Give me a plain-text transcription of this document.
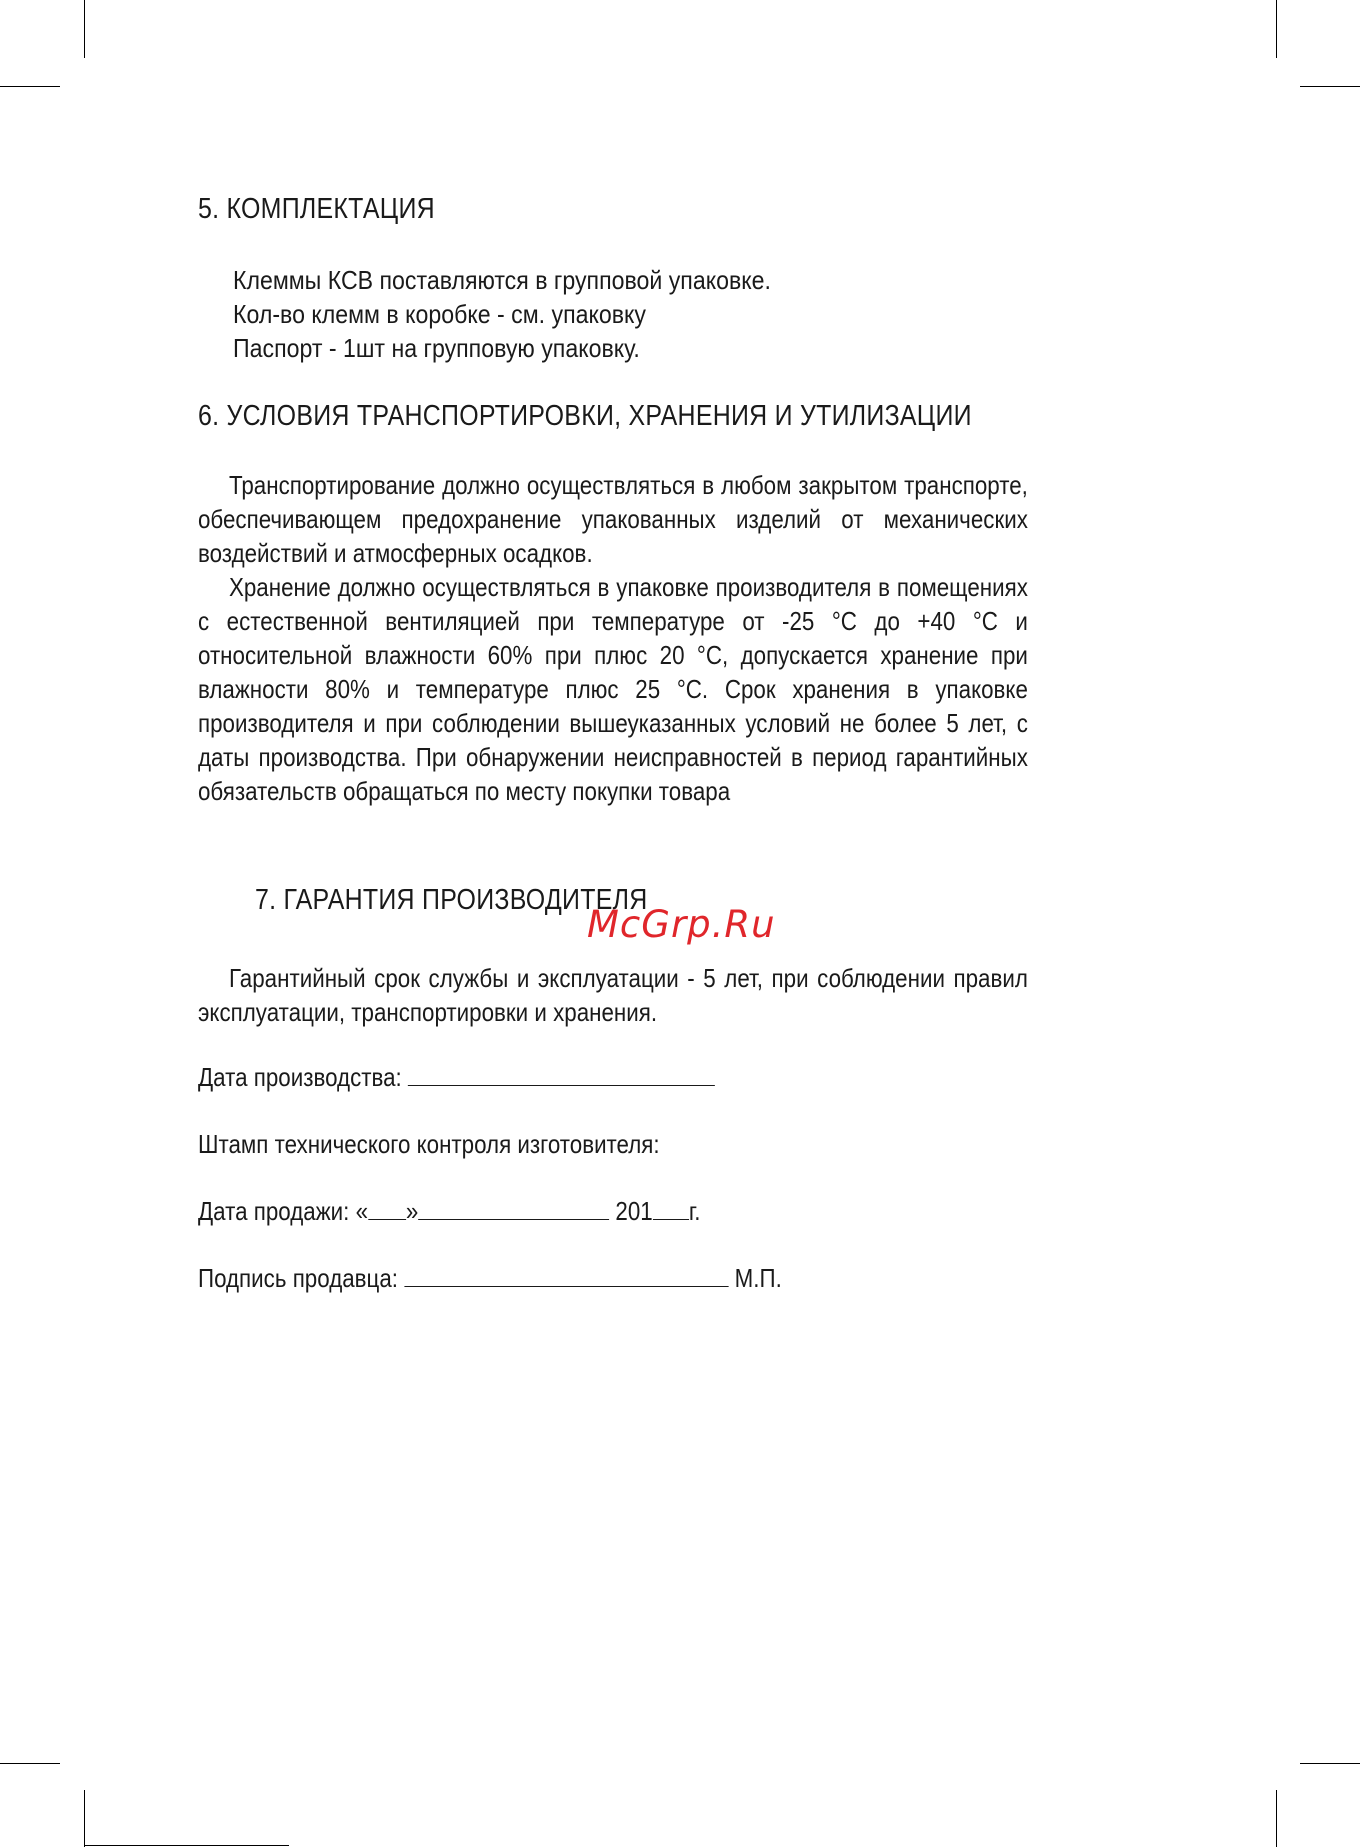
5. КОМПЛЕКТАЦИЯ
Клеммы КСВ поставляются в групповой упаковке.
Кол-во клемм в коробке - см. упаковку
Паспорт - 1шт на групповую упаковку.
6. УСЛОВИЯ ТРАНСПОРТИРОВКИ, ХРАНЕНИЯ И УТИЛИЗАЦИИ
Транспортирование должно осуществляться в любом закрытом транспорте, обеспечивающем предохранение упакованных изделий от механических воздействий и атмосферных осадков.
Хранение должно осуществляться в упаковке производителя в помещениях с естественной вентиляцией при температуре от -25 °С до +40 °С и относительной влажности 60% при плюс 20 °С, допускается хранение при влажности 80% и температуре плюс 25 °С. Срок хранения в упаковке производителя и при соблюдении вышеуказанных условий не более 5 лет, с даты производства. При обнаружении неисправностей в период гарантийных обязательств обращаться по месту покупки товара
7. ГАРАНТИЯ ПРОИЗВОДИТЕЛЯ
McGrp.Ru
Гарантийный срок службы и эксплуатации - 5 лет, при соблюдении правил эксплуатации, транспортировки и хранения.
Дата производства:
Штамп технического контроля изготовителя:
Дата продажи: « »	201 г.
Подпись продавца:	М.П.
